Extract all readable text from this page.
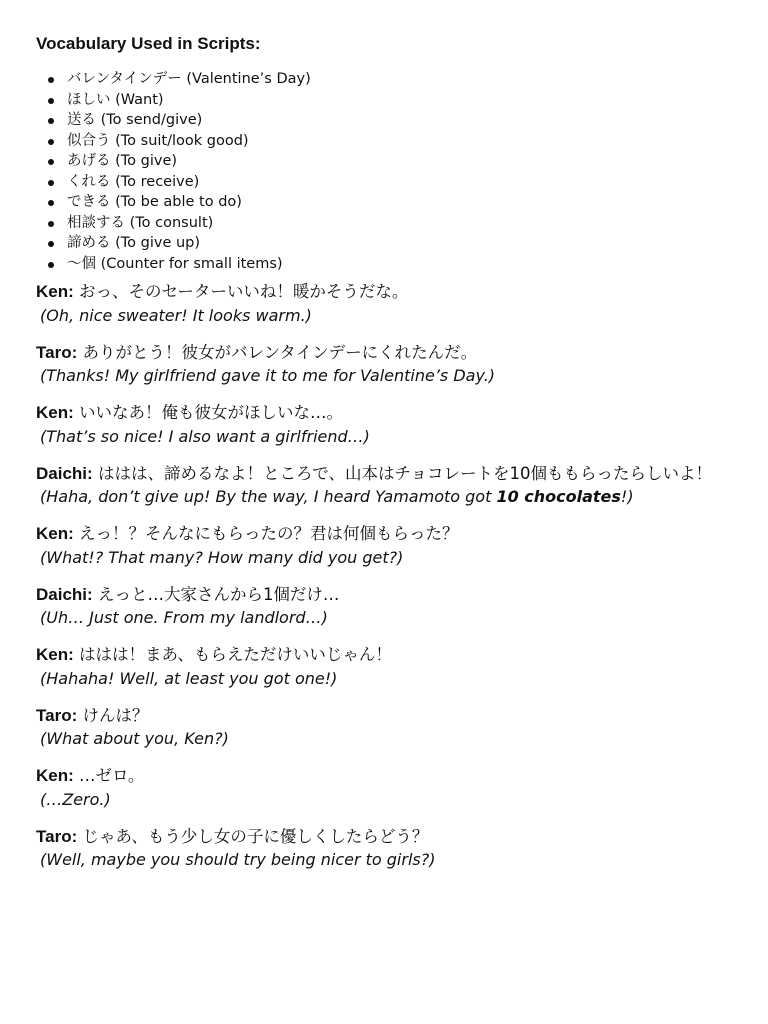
Vocabulary Used in Scripts:
バレンタインデー (Valentine’s Day)
ほしい (Want)
送る (To send/give)
似合う (To suit/look good)
あげる (To give)
くれる (To receive)
できる (To be able to do)
相談する (To consult)
諦める (To give up)
〜個 (Counter for small items)
Ken: おっ、そのセーターいいね！暖かそうだな。
(Oh, nice sweater! It looks warm.)
Taro: ありがとう！彼女がバレンタインデーにくれたんだ。
(Thanks! My girlfriend gave it to me for Valentine’s Day.)
Ken: いいなあ！俺も彼女がほしいな…。
(That’s so nice! I also want a girlfriend…)
Daichi: ははは、諦めるなよ！ところで、山本はチョコレートを10個ももらったらしいよ！
(Haha, don’t give up! By the way, I heard Yamamoto got 10 chocolates!)
Ken: えっ！？そんなにもらったの？君は何個もらった？
(What!? That many? How many did you get?)
Daichi: えっと…大家さんから1個だけ…
(Uh… Just one. From my landlord…)
Ken: ははは！まあ、もらえただけいいじゃん！
(Hahaha! Well, at least you got one!)
Taro: けんは？
(What about you, Ken?)
Ken: …ゼロ。
(…Zero.)
Taro: じゃあ、もう少し女の子に優しくしたらどう？
(Well, maybe you should try being nicer to girls?)
